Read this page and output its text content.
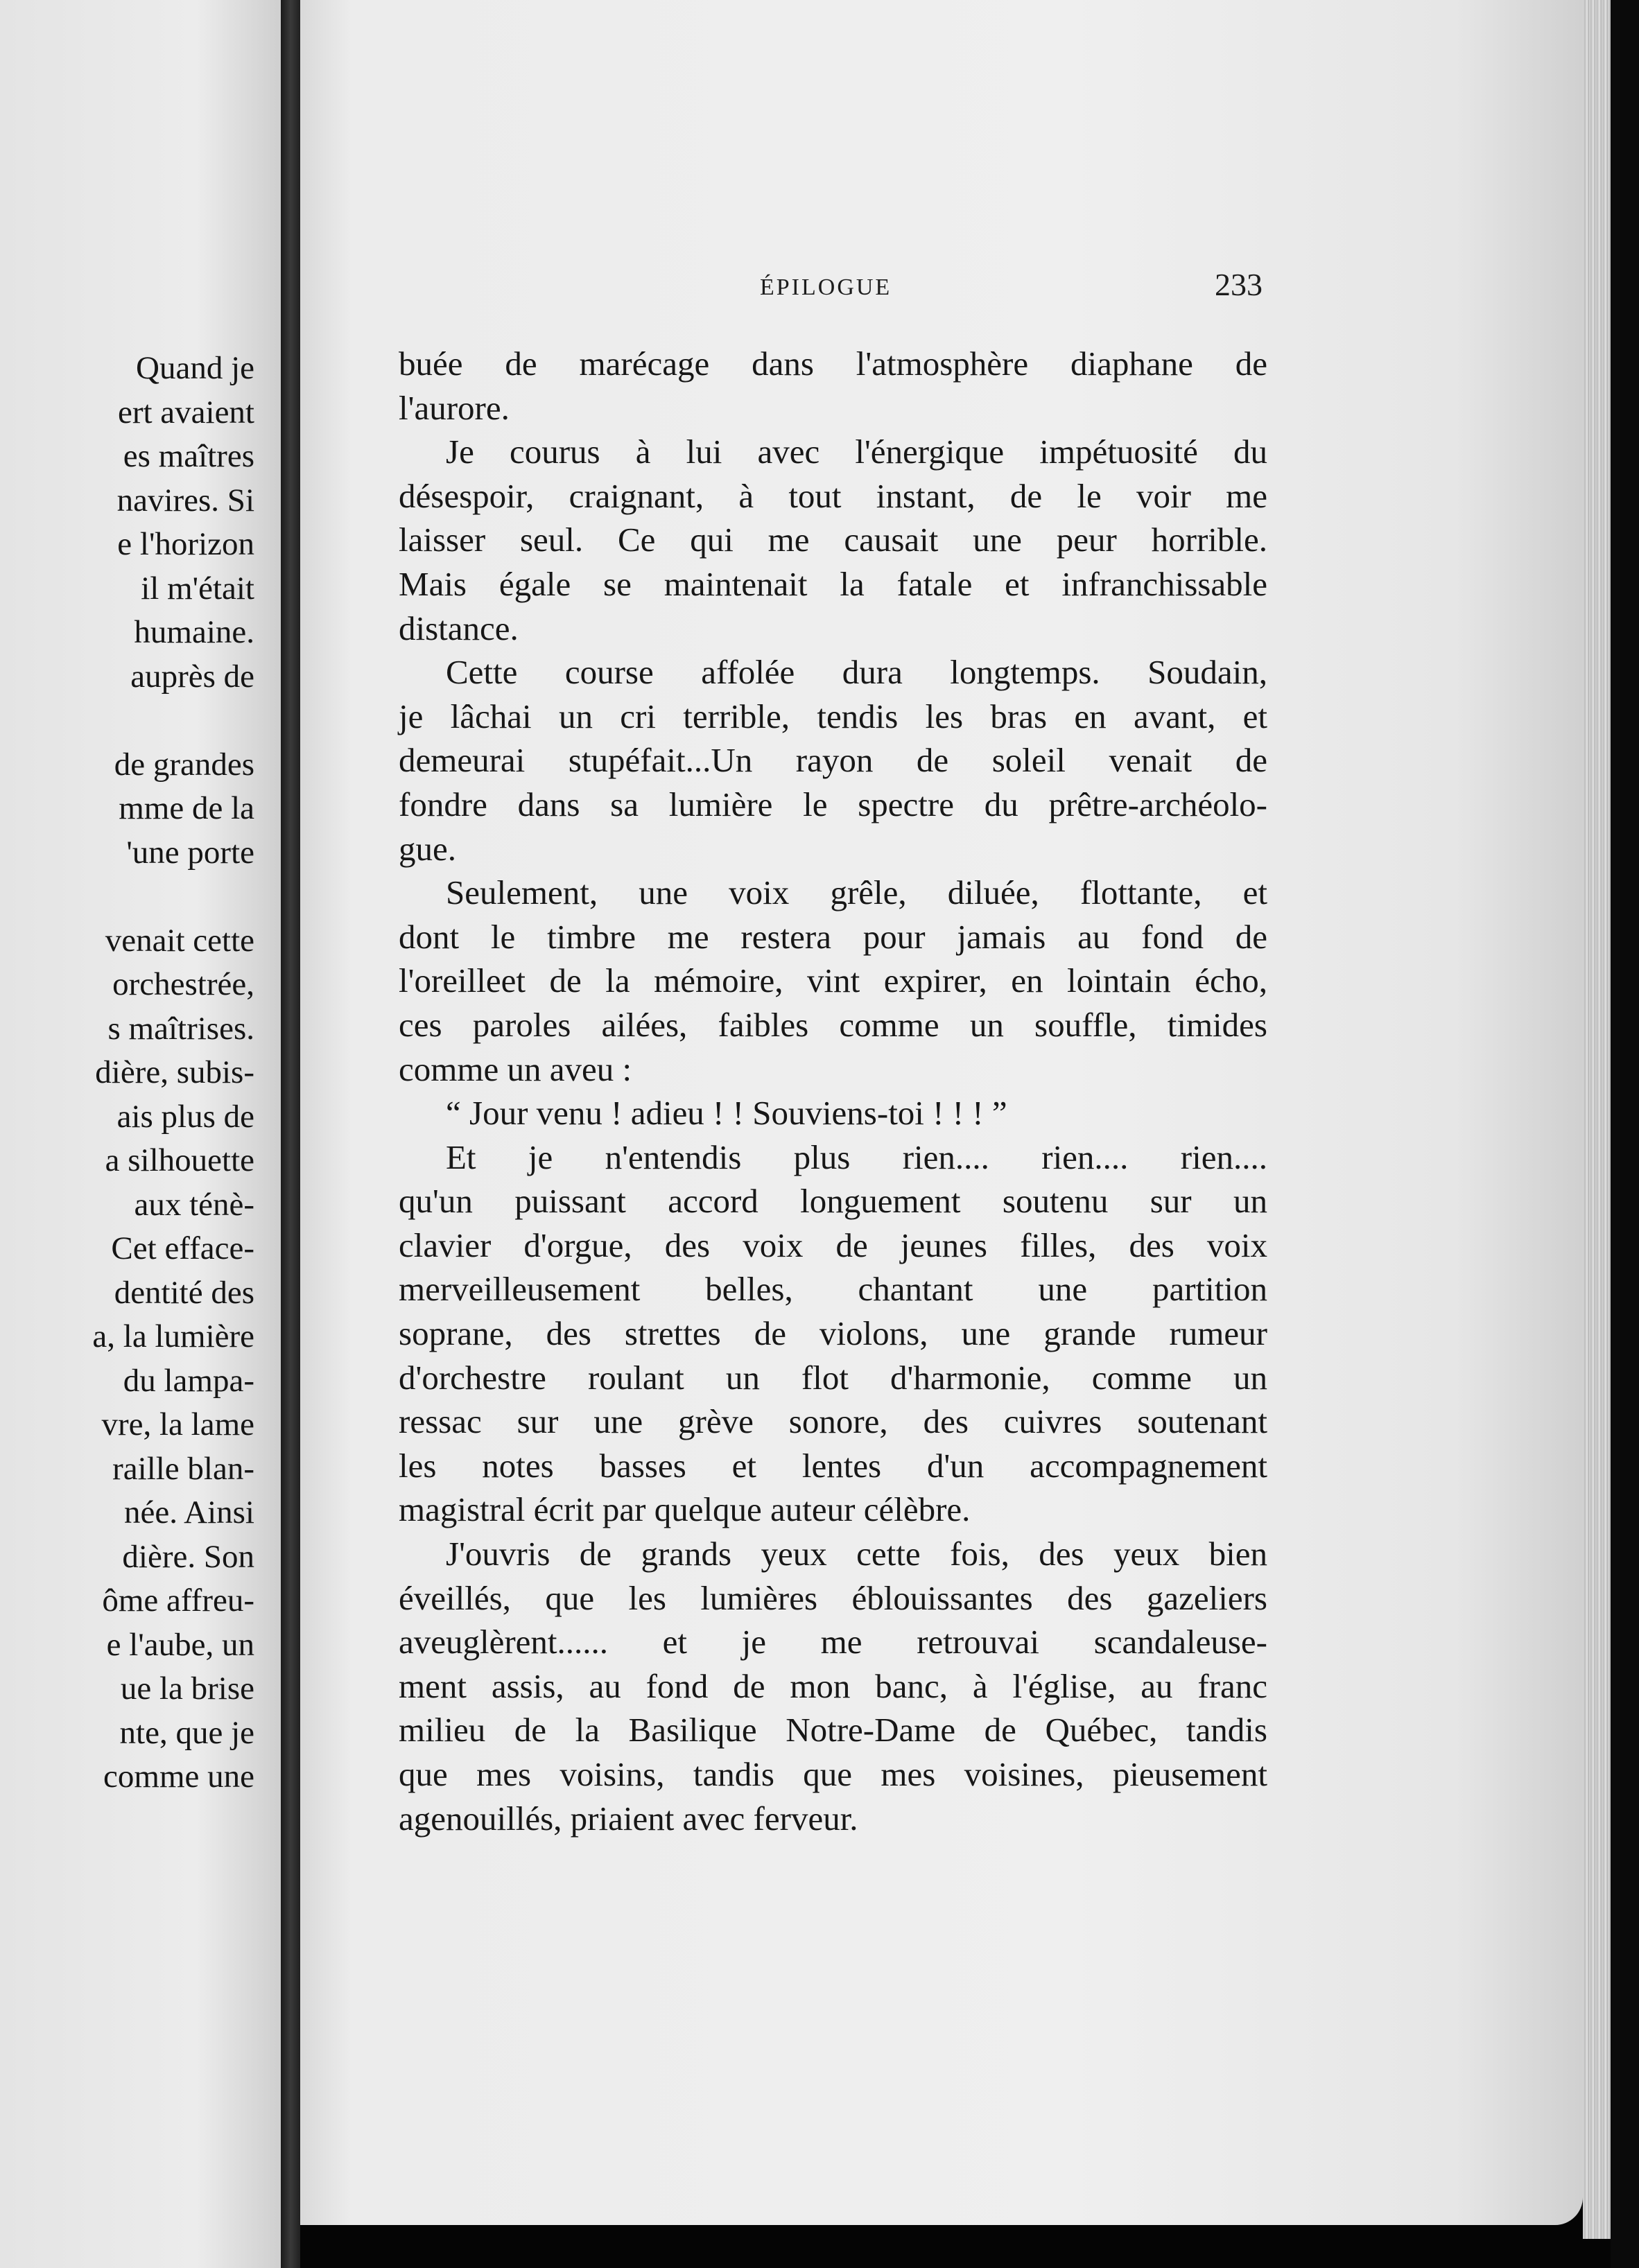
Quand je
ert avaient
es maîtres
navires. Si
e l'horizon
il m'était
humaine.
auprès de

de grandes
mme de la
'une porte

venait cette
orchestrée,
s maîtrises.
dière, subis-
ais plus de
a silhouette
aux ténè-
Cet efface-
dentité des
a, la lumière
du lampa-
vre, la lame
raille blan-
née. Ainsi
dière. Son
ôme affreu-
e l'aube, un
ue la brise
nte, que je
comme une
ÉPILOGUE	233
buée de marécage dans l'atmosphère diaphane de
l'aurore.
Je courus à lui avec l'énergique impétuosité du
désespoir, craignant, à tout instant, de le voir me
laisser seul. Ce qui me causait une peur horrible.
Mais égale se maintenait la fatale et infranchissable
distance.
Cette course affolée dura longtemps. Soudain,
je lâchai un cri terrible, tendis les bras en avant, et
demeurai stupéfait...Un rayon de soleil venait de
fondre dans sa lumière le spectre du prêtre-archéolo-
gue.
Seulement, une voix grêle, diluée, flottante, et
dont le timbre me restera pour jamais au fond de
l'oreilleet de la mémoire, vint expirer, en lointain écho,
ces paroles ailées, faibles comme un souffle, timides
comme un aveu :
“ Jour venu ! adieu ! ! Souviens-toi ! ! ! ”
Et je n'entendis plus rien.... rien.... rien....
qu'un puissant accord longuement soutenu sur un
clavier d'orgue, des voix de jeunes filles, des voix
merveilleusement belles, chantant une partition
soprane, des strettes de violons, une grande rumeur
d'orchestre roulant un flot d'harmonie, comme un
ressac sur une grève sonore, des cuivres soutenant
les notes basses et lentes d'un accompagnement
magistral écrit par quelque auteur célèbre.
J'ouvris de grands yeux cette fois, des yeux bien
éveillés, que les lumières éblouissantes des gazeliers
aveuglèrent...... et je me retrouvai scandaleuse-
ment assis, au fond de mon banc, à l'église, au franc
milieu de la Basilique Notre-Dame de Québec, tandis
que mes voisins, tandis que mes voisines, pieusement
agenouillés, priaient avec ferveur.
